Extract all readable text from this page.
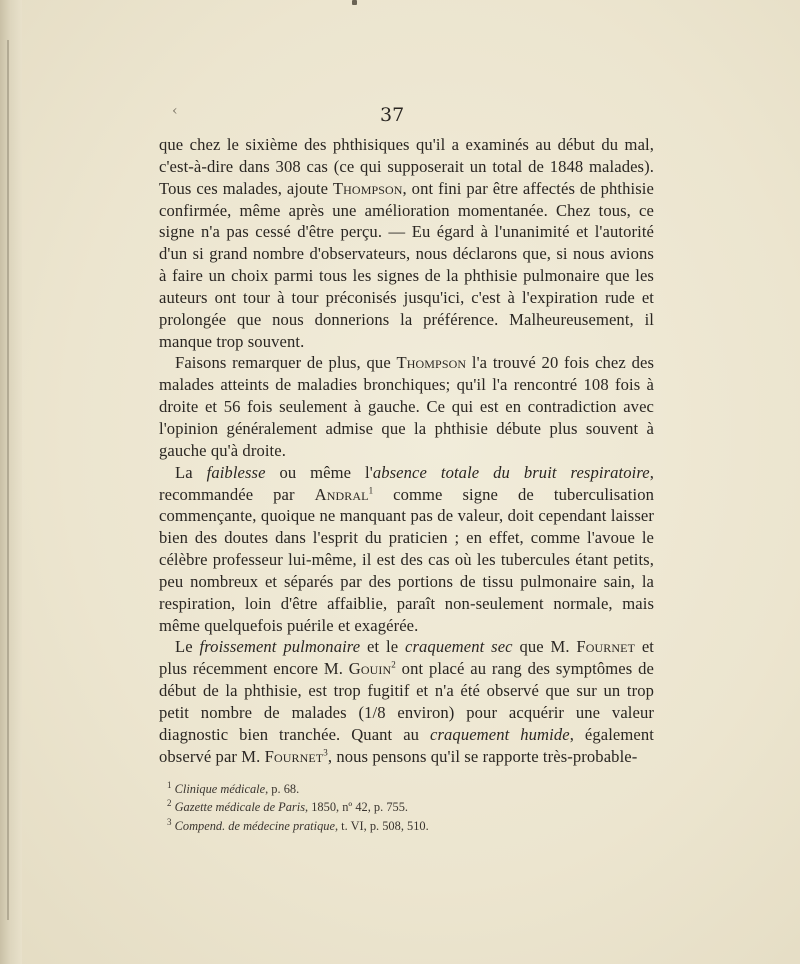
‹	37

que chez le sixième des phthisiques qu'il a examinés au début du mal, c'est-à-dire dans 308 cas (ce qui supposerait un total de 1848 malades). Tous ces malades, ajoute Thompson, ont fini par être affectés de phthisie confirmée, même après une amélioration momentanée. Chez tous, ce signe n'a pas cessé d'être perçu. — Eu égard à l'unanimité et l'autorité d'un si grand nombre d'observateurs, nous déclarons que, si nous avions à faire un choix parmi tous les signes de la phthisie pulmonaire que les auteurs ont tour à tour préconisés jusqu'ici, c'est à l'expiration rude et prolongée que nous donnerions la préférence. Malheureusement, il manque trop souvent.

Faisons remarquer de plus, que Thompson l'a trouvé 20 fois chez des malades atteints de maladies bronchiques; qu'il l'a rencontré 108 fois à droite et 56 fois seulement à gauche. Ce qui est en contradiction avec l'opinion généralement admise que la phthisie débute plus souvent à gauche qu'à droite.

La faiblesse ou même l'absence totale du bruit respiratoire, recommandée par Andral$^1$ comme signe de tuberculisation commençante, quoique ne manquant pas de valeur, doit cependant laisser bien des doutes dans l'esprit du praticien ; en effet, comme l'avoue le célèbre professeur lui-même, il est des cas où les tubercules étant petits, peu nombreux et séparés par des portions de tissu pulmonaire sain, la respiration, loin d'être affaiblie, paraît non-seulement normale, mais même quelquefois puérile et exagérée.

Le froissement pulmonaire et le craquement sec que M. Fournet et plus récemment encore M. Gouin$^2$ ont placé au rang des symptômes de début de la phthisie, est trop fugitif et n'a été observé que sur un trop petit nombre de malades (1/8 environ) pour acquérir une valeur diagnostic bien tranchée. Quant au craquement humide, également observé par M. Fournet$^3$, nous pensons qu'il se rapporte très-probable-

$^1$ Clinique médicale, p. 68.

$^2$ Gazette médicale de Paris, 1850, nº 42, p. 755.

$^3$ Compend. de médecine pratique, t. VI, p. 508, 510.
